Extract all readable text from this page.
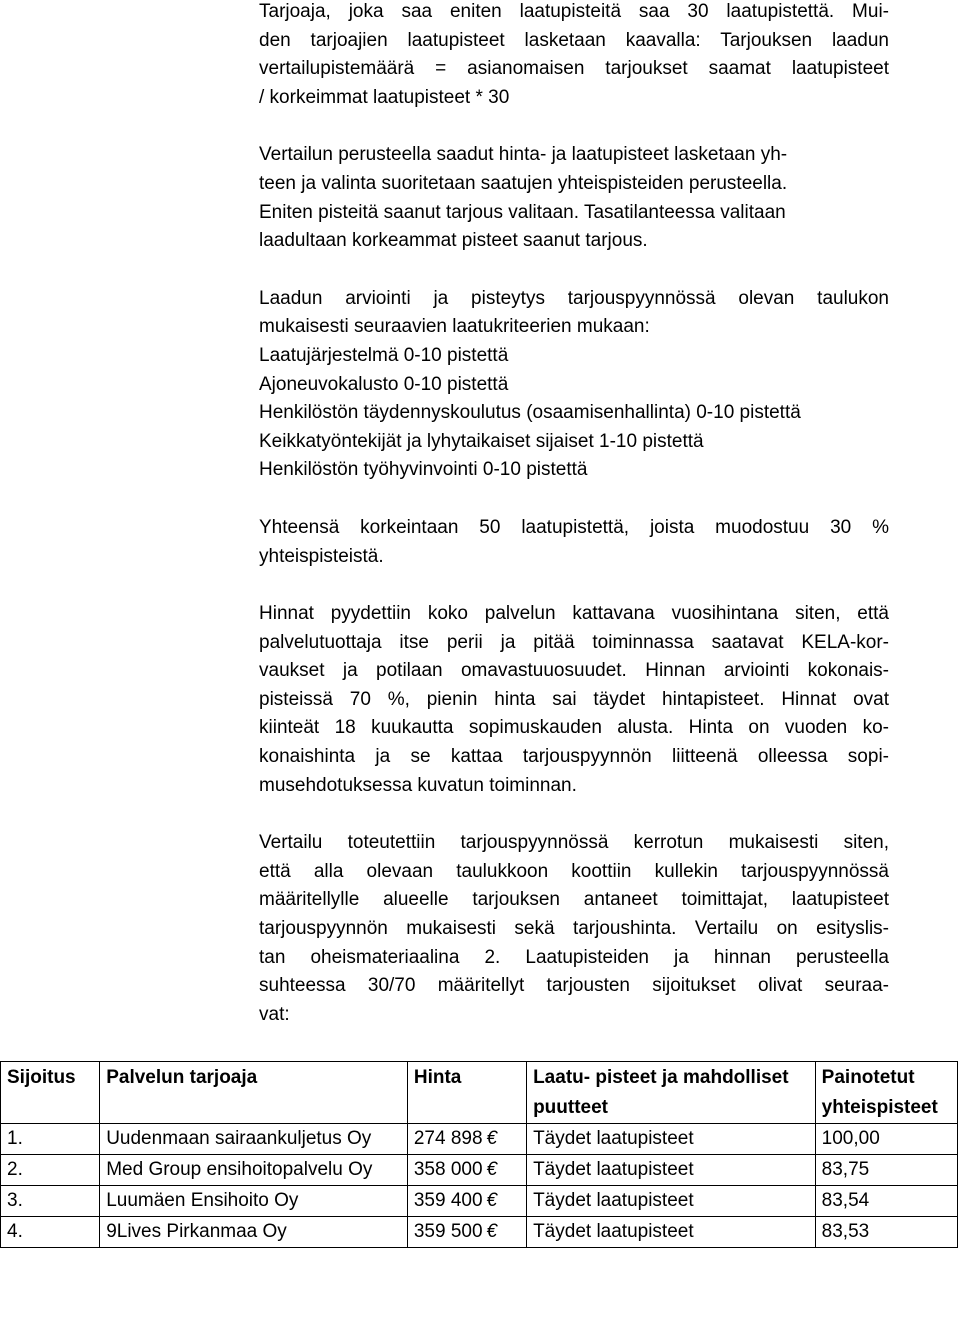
Tarjoaja, joka saa eniten laatupisteitä saa 30 laatupistettä. Mui-
den tarjoajien laatupisteet lasketaan kaavalla: Tarjouksen laadun
vertailupistemäärä = asianomaisen tarjoukset saamat laatupisteet
/ korkeimmat laatupisteet * 30

Vertailun perusteella saadut hinta- ja laatupisteet lasketaan yh-
teen ja valinta suoritetaan saatujen yhteispisteiden perusteella.
Eniten pisteitä saanut tarjous valitaan. Tasatilanteessa valitaan
laadultaan korkeammat pisteet saanut tarjous.

Laadun arviointi ja pisteytys tarjouspyynnössä olevan taulukon
mukaisesti seuraavien laatukriteerien mukaan:
Laatujärjestelmä 0-10 pistettä
Ajoneuvokalusto 0-10 pistettä
Henkilöstön täydennyskoulutus (osaamisenhallinta) 0-10 pistettä
Keikkatyöntekijät ja lyhytaikaiset sijaiset 1-10 pistettä
Henkilöstön työhyvinvointi 0-10 pistettä

Yhteensä korkeintaan 50 laatupistettä, joista muodostuu 30 %
yhteispisteistä.

Hinnat pyydettiin koko palvelun kattavana vuosihintana siten, että
palvelutuottaja itse perii ja pitää toiminnassa saatavat KELA-kor-
vaukset ja potilaan omavastuuosuudet. Hinnan arviointi kokonais-
pisteissä 70 %, pienin hinta sai täydet hintapisteet. Hinnat ovat
kiinteät 18 kuukautta sopimuskauden alusta. Hinta on vuoden ko-
konaishinta ja se kattaa tarjouspyynnön liitteenä olleessa sopi-
musehdotuksessa kuvatun toiminnan.

Vertailu toteutettiin tarjouspyynnössä kerrotun mukaisesti siten,
että alla olevaan taulukkoon koottiin kullekin tarjouspyynnössä
määritellylle alueelle tarjouksen antaneet toimittajat, laatupisteet
tarjouspyynnön mukaisesti sekä tarjoushinta. Vertailu on esityslis-
tan oheismateriaalina 2. Laatupisteiden ja hinnan perusteella
suhteessa 30/70 määritellyt tarjousten sijoitukset olivat seuraa-
vat:

Sijoitus	Palvelun tarjoaja	Hinta	Laatu- pisteet ja mahdolliset puutteet	Painotetut yhteispisteet
1.	Uudenmaan sairaankuljetus Oy	274 898 €	Täydet laatupisteet	100,00
2.	Med Group ensihoitopalvelu Oy	358 000 €	Täydet laatupisteet	83,75
3.	Luumäen Ensihoito Oy	359 400 €	Täydet laatupisteet	83,54
4.	9Lives Pirkanmaa Oy	359 500 €	Täydet laatupisteet	83,53
